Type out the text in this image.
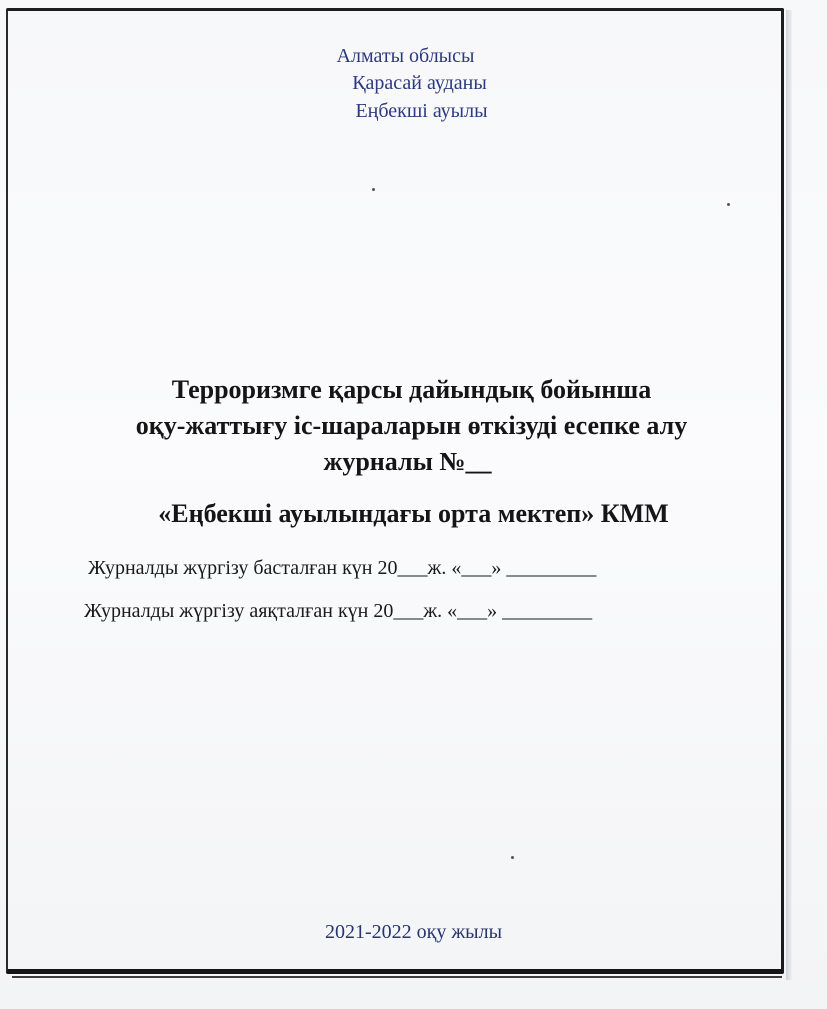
Алматы облысы
Қарасай ауданы
Еңбекші ауылы
Терроризмге қарсы дайындық бойынша
оқу-жаттығу іс-шараларын өткізуді есепке алу
журналы №__
«Еңбекші ауылындағы орта мектеп» КММ
Журналды жүргізу басталған күн 20___ж. «___» _________
Журналды жүргізу аяқталған күн 20___ж. «___» _________
2021-2022 оқу жылы
